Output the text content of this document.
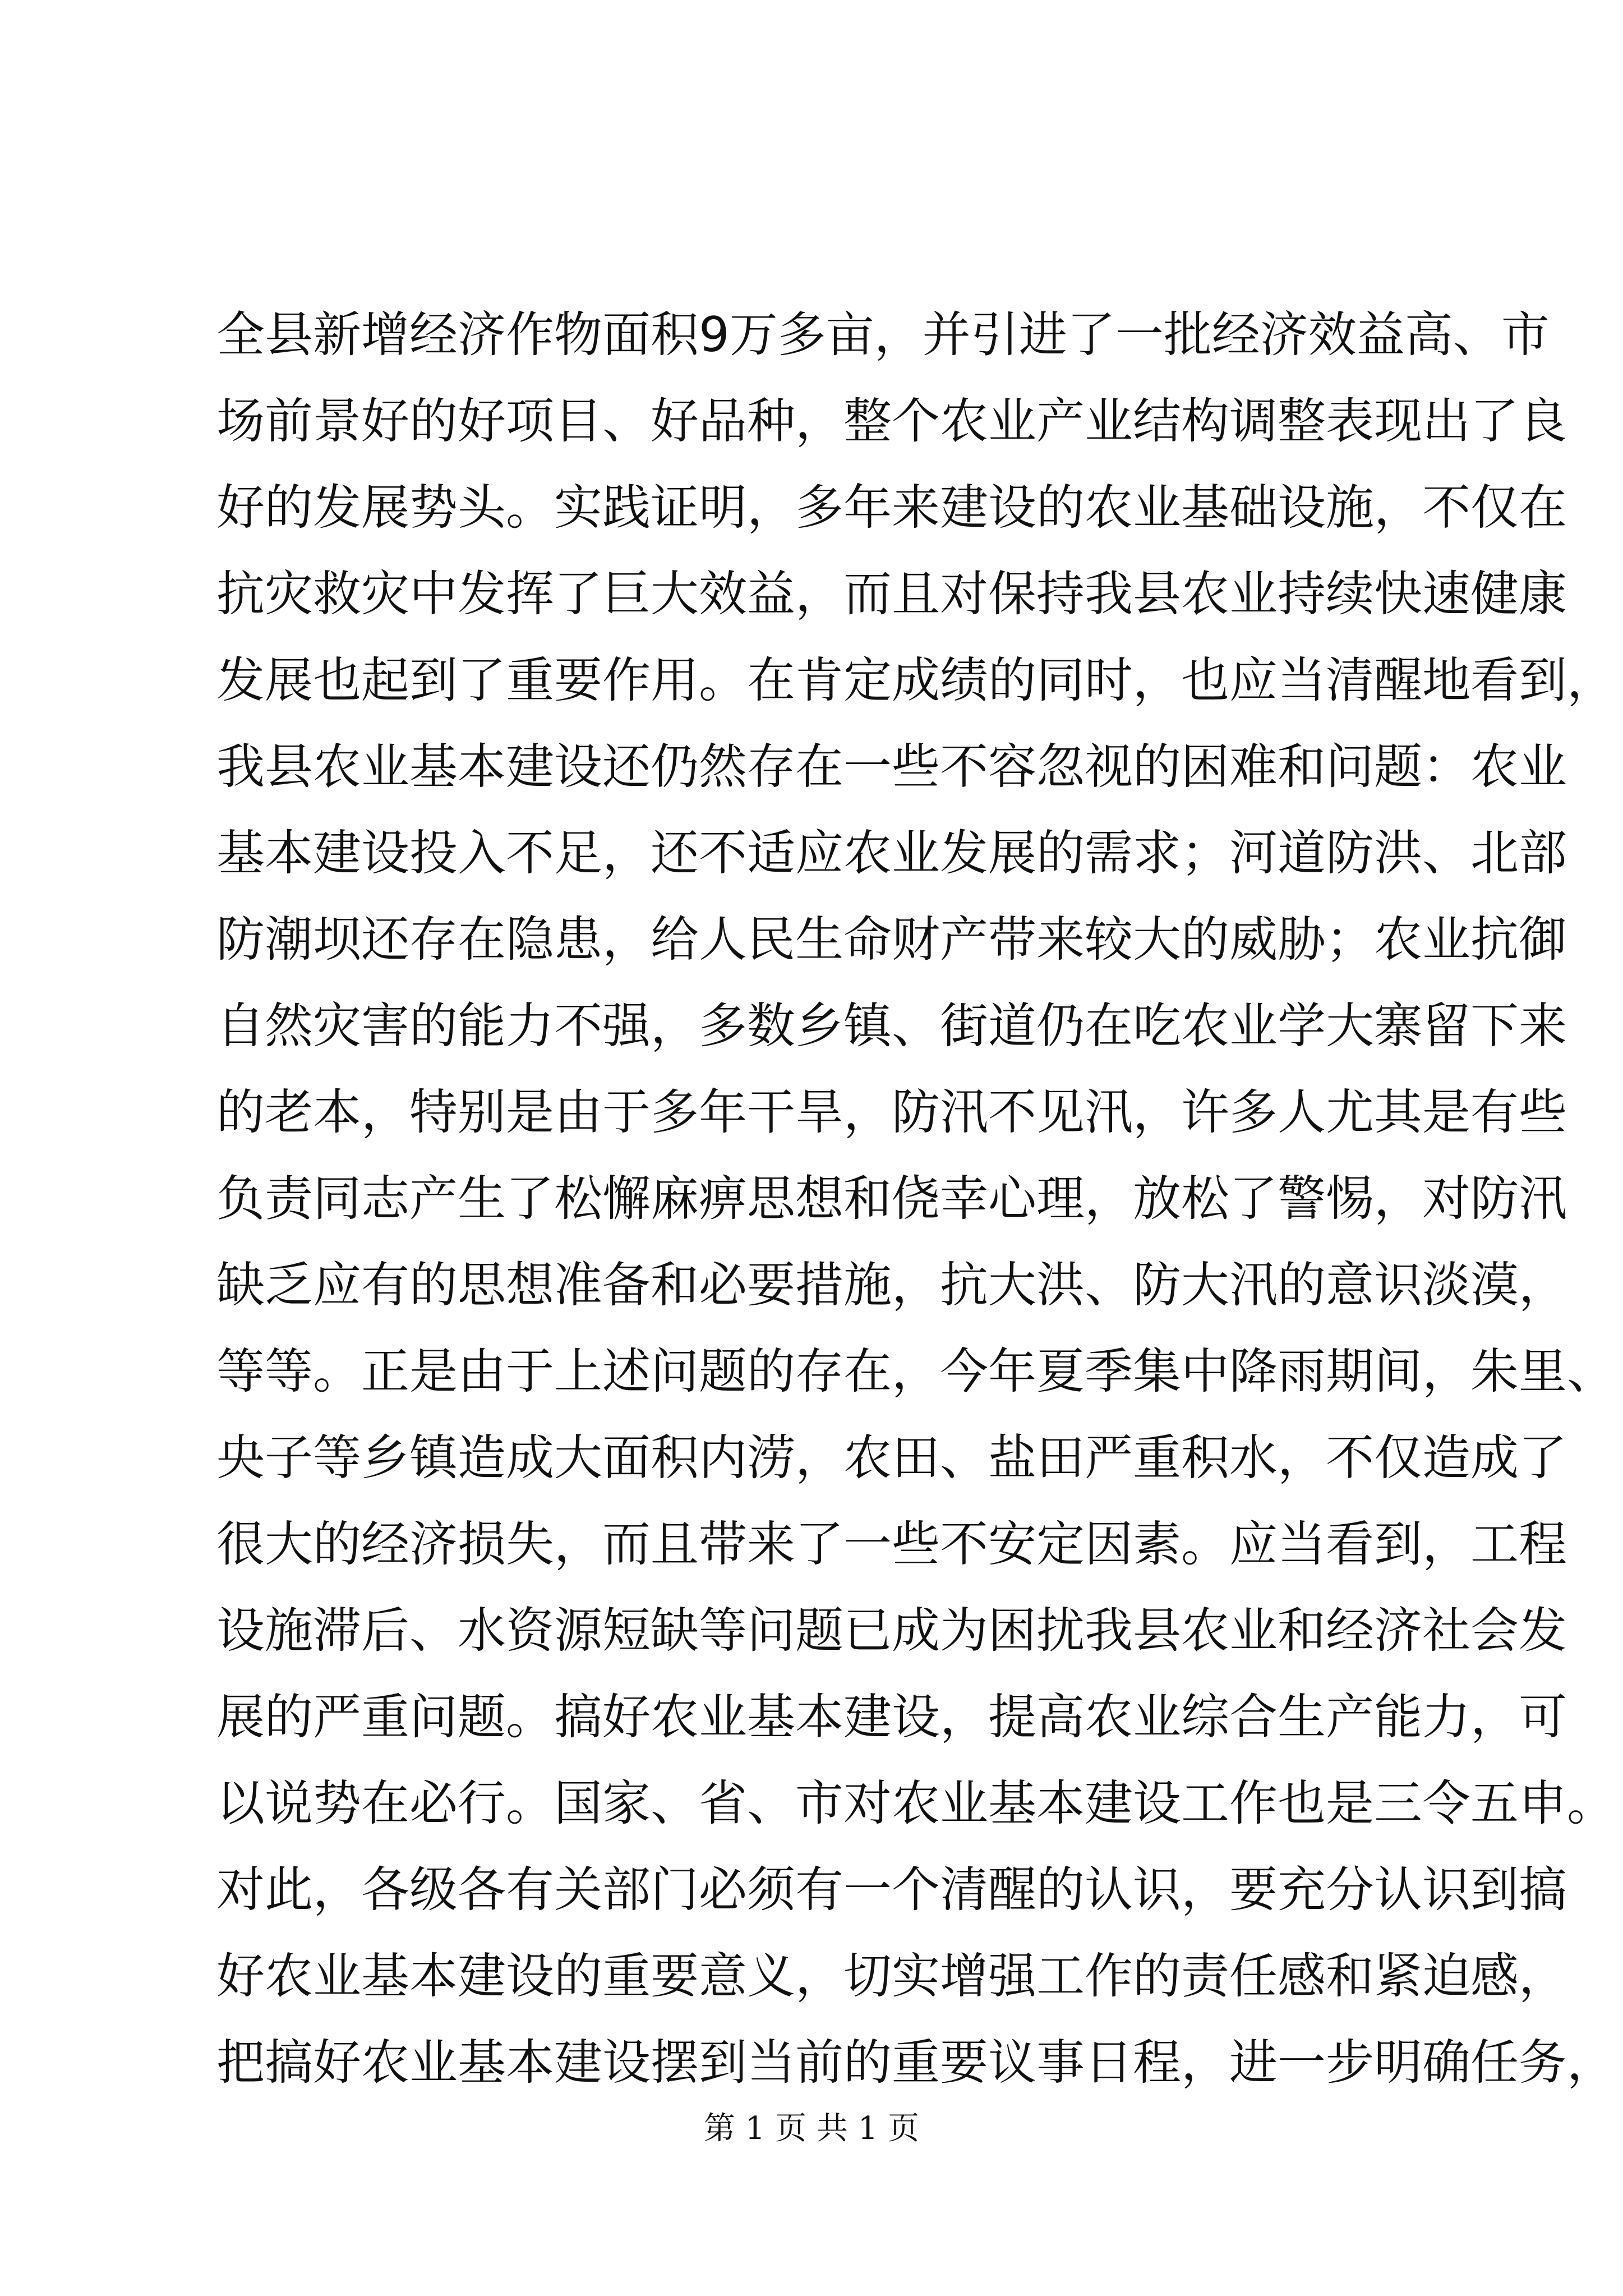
全县新增经济作物面积9万多亩，并引进了一批经济效益高、市
场前景好的好项目、好品种，整个农业产业结构调整表现出了良
好的发展势头。实践证明，多年来建设的农业基础设施，不仅在
抗灾救灾中发挥了巨大效益，而且对保持我县农业持续快速健康
发展也起到了重要作用。在肯定成绩的同时，也应当清醒地看到，
我县农业基本建设还仍然存在一些不容忽视的困难和问题：农业
基本建设投入不足，还不适应农业发展的需求；河道防洪、北部
防潮坝还存在隐患，给人民生命财产带来较大的威胁；农业抗御
自然灾害的能力不强，多数乡镇、街道仍在吃农业学大寨留下来
的老本，特别是由于多年干旱，防汛不见汛，许多人尤其是有些
负责同志产生了松懈麻痹思想和侥幸心理，放松了警惕，对防汛
缺乏应有的思想准备和必要措施，抗大洪、防大汛的意识淡漠，
等等。正是由于上述问题的存在，今年夏季集中降雨期间，朱里、
央子等乡镇造成大面积内涝，农田、盐田严重积水，不仅造成了
很大的经济损失，而且带来了一些不安定因素。应当看到，工程
设施滞后、水资源短缺等问题已成为困扰我县农业和经济社会发
展的严重问题。搞好农业基本建设，提高农业综合生产能力，可
以说势在必行。国家、省、市对农业基本建设工作也是三令五申。
对此，各级各有关部门必须有一个清醒的认识，要充分认识到搞
好农业基本建设的重要意义，切实增强工作的责任感和紧迫感，
把搞好农业基本建设摆到当前的重要议事日程，进一步明确任务，
第 1 页 共 1 页
